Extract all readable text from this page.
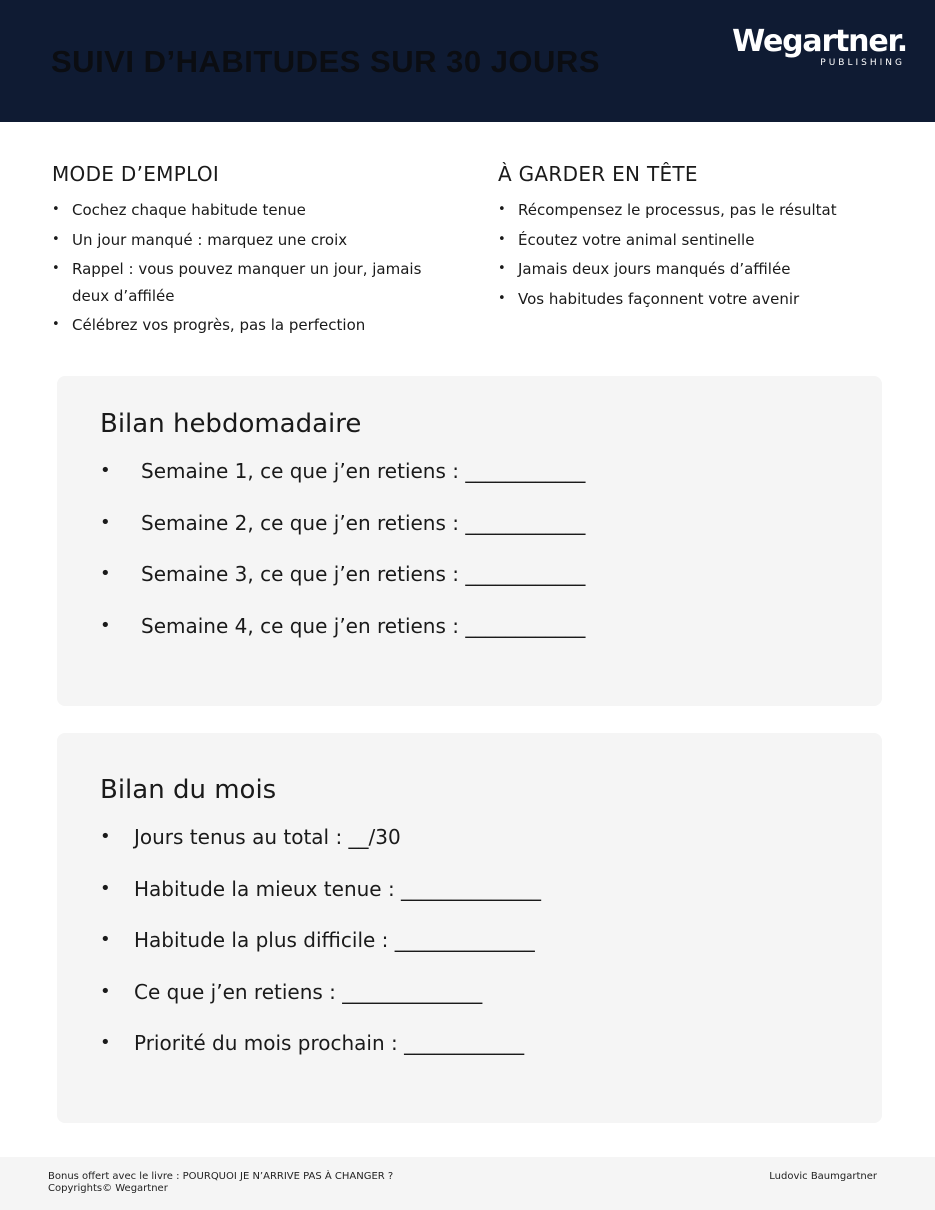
SUIVI D’HABITUDES SUR 30 JOURS
Wegartner.
PUBLISHING
MODE D’EMPLOI
• Cochez chaque habitude tenue
• Un jour manqué : marquez une croix
• Rappel : vous pouvez manquer un jour, jamais deux d’affilée
• Célébrez vos progrès, pas la perfection
À GARDER EN TÊTE
• Récompensez le processus, pas le résultat
• Écoutez votre animal sentinelle
• Jamais deux jours manqués d’affilée
• Vos habitudes façonnent votre avenir
Bilan hebdomadaire
• Semaine 1, ce que j’en retiens : ____________
• Semaine 2, ce que j’en retiens : ____________
• Semaine 3, ce que j’en retiens : ____________
• Semaine 4, ce que j’en retiens : ____________
Bilan du mois
• Jours tenus au total : __/30
• Habitude la mieux tenue : ______________
• Habitude la plus difficile : ______________
• Ce que j’en retiens : ______________
• Priorité du mois prochain : ____________
Bonus offert avec le livre : POURQUOI JE N’ARRIVE PAS À CHANGER ?
Copyrights© Wegartner
Ludovic Baumgartner
